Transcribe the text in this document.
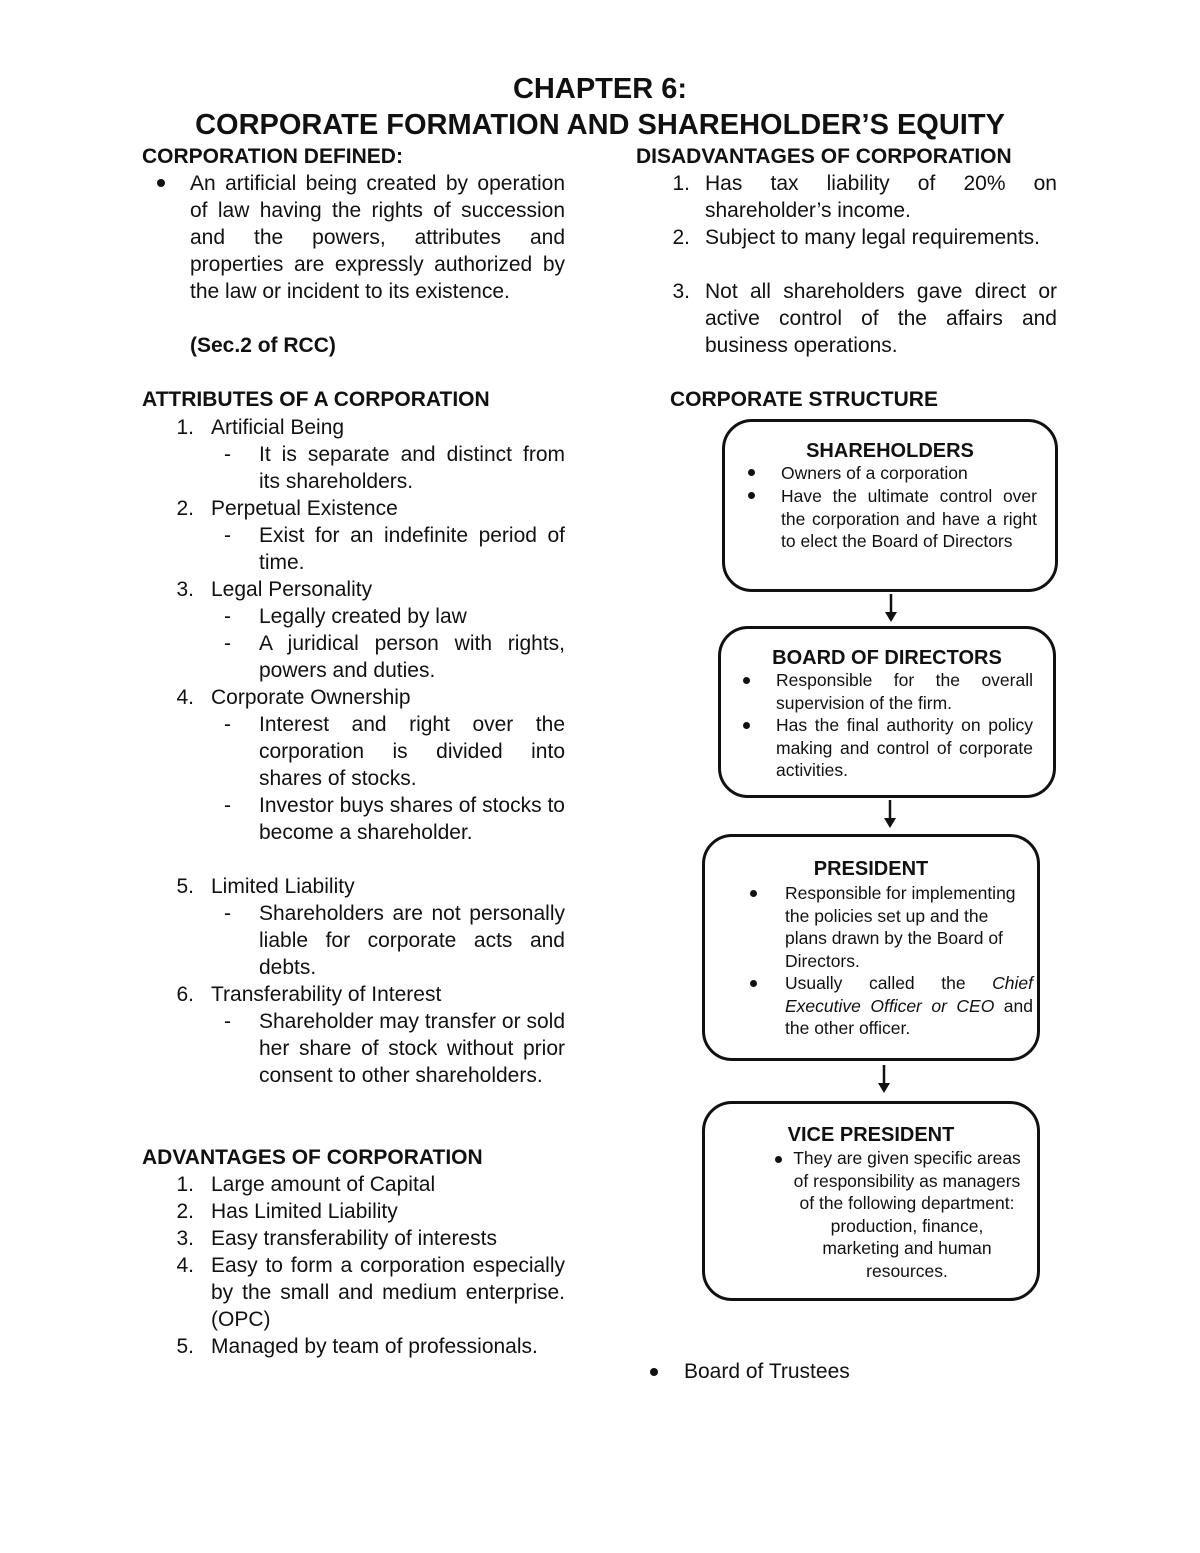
CHAPTER 6:
CORPORATE FORMATION AND SHAREHOLDER’S EQUITY
CORPORATION DEFINED:
An artificial being created by operation of law having the rights of succession and the powers, attributes and properties are expressly authorized by the law or incident to its existence.
(Sec.2 of RCC)
ATTRIBUTES OF A CORPORATION
1. Artificial Being
- It is separate and distinct from its shareholders.
2. Perpetual Existence
- Exist for an indefinite period of time.
3. Legal Personality
- Legally created by law
- A juridical person with rights, powers and duties.
4. Corporate Ownership
- Interest and right over the corporation is divided into shares of stocks.
- Investor buys shares of stocks to become a shareholder.
5. Limited Liability
- Shareholders are not personally liable for corporate acts and debts.
6. Transferability of Interest
- Shareholder may transfer or sold her share of stock without prior consent to other shareholders.
ADVANTAGES OF CORPORATION
1. Large amount of Capital
2. Has Limited Liability
3. Easy transferability of interests
4. Easy to form a corporation especially by the small and medium enterprise. (OPC)
5. Managed by team of professionals.
DISADVANTAGES OF CORPORATION
1. Has tax liability of 20% on shareholder’s income.
2. Subject to many legal requirements.
3. Not all shareholders gave direct or active control of the affairs and business operations.
CORPORATE STRUCTURE
SHAREHOLDERS
Owners of a corporation
Have the ultimate control over the corporation and have a right to elect the Board of Directors
BOARD OF DIRECTORS
Responsible for the overall supervision of the firm.
Has the final authority on policy making and control of corporate activities.
PRESIDENT
Responsible for implementing the policies set up and the plans drawn by the Board of Directors.
Usually called the Chief Executive Officer or CEO and the other officer.
VICE PRESIDENT
They are given specific areas of responsibility as managers of the following department: production, finance, marketing and human resources.
Board of Trustees
